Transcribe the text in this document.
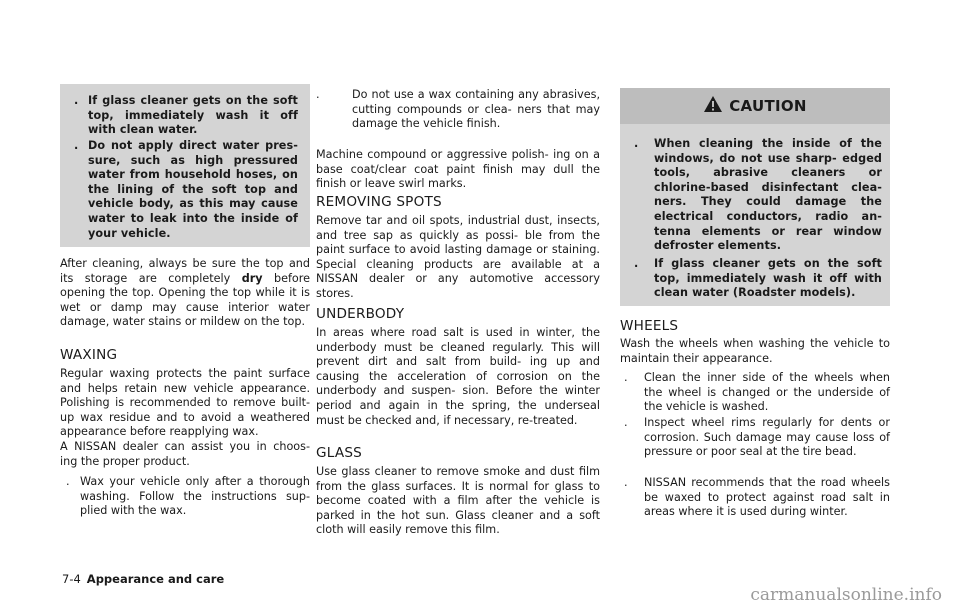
. If glass cleaner gets on the soft top, immediately wash it off with clean water.
. Do not apply direct water pres- sure, such as high pressured water from household hoses, on the lining of the soft top and vehicle body, as this may cause water to leak into the inside of your vehicle.

After cleaning, always be sure the top and its storage are completely dry before opening the top. Opening the top while it is wet or damp may cause interior water damage, water stains or mildew on the top.

WAXING

Regular waxing protects the paint surface and helps retain new vehicle appearance. Polishing is recommended to remove built-up wax residue and to avoid a weathered appearance before reapplying wax.

A NISSAN dealer can assist you in choos- ing the proper product.

. Wax your vehicle only after a thorough washing. Follow the instructions sup- plied with the wax.
.	Do not use a wax containing any abrasives, cutting compounds or clea- ners that may damage the vehicle finish.

Machine compound or aggressive polish- ing on a base coat/clear coat paint finish may dull the finish or leave swirl marks.

REMOVING SPOTS

Remove tar and oil spots, industrial dust, insects, and tree sap as quickly as possi- ble from the paint surface to avoid lasting damage or staining. Special cleaning products are available at a NISSAN dealer or any automotive accessory stores.

UNDERBODY

In areas where road salt is used in winter, the underbody must be cleaned regularly. This will prevent dirt and salt from build- ing up and causing the acceleration of corrosion on the underbody and suspen- sion. Before the winter period and again in the spring, the underseal must be checked and, if necessary, re-treated.

GLASS

Use glass cleaner to remove smoke and dust film from the glass surfaces. It is normal for glass to become coated with a film after the vehicle is parked in the hot sun. Glass cleaner and a soft cloth will easily remove this film.

CAUTION
.	When cleaning the inside of the windows, do not use sharp- edged tools, abrasive cleaners or chlorine-based disinfectant clea- ners. They could damage the electrical conductors, radio an- tenna elements or rear window defroster elements.
.	If glass cleaner gets on the soft top, immediately wash it off with clean water (Roadster models).
WHEELS

Wash the wheels when washing the vehicle to maintain their appearance.

.	Clean the inner side of the wheels when the wheel is changed or the underside of the vehicle is washed.
.	Inspect wheel rims regularly for dents or corrosion. Such damage may cause loss of pressure or poor seal at the tire bead.
.	NISSAN recommends that the road wheels be waxed to protect against road salt in areas where it is used during winter.
7-4 Appearance and care
carmanualsonline.info
